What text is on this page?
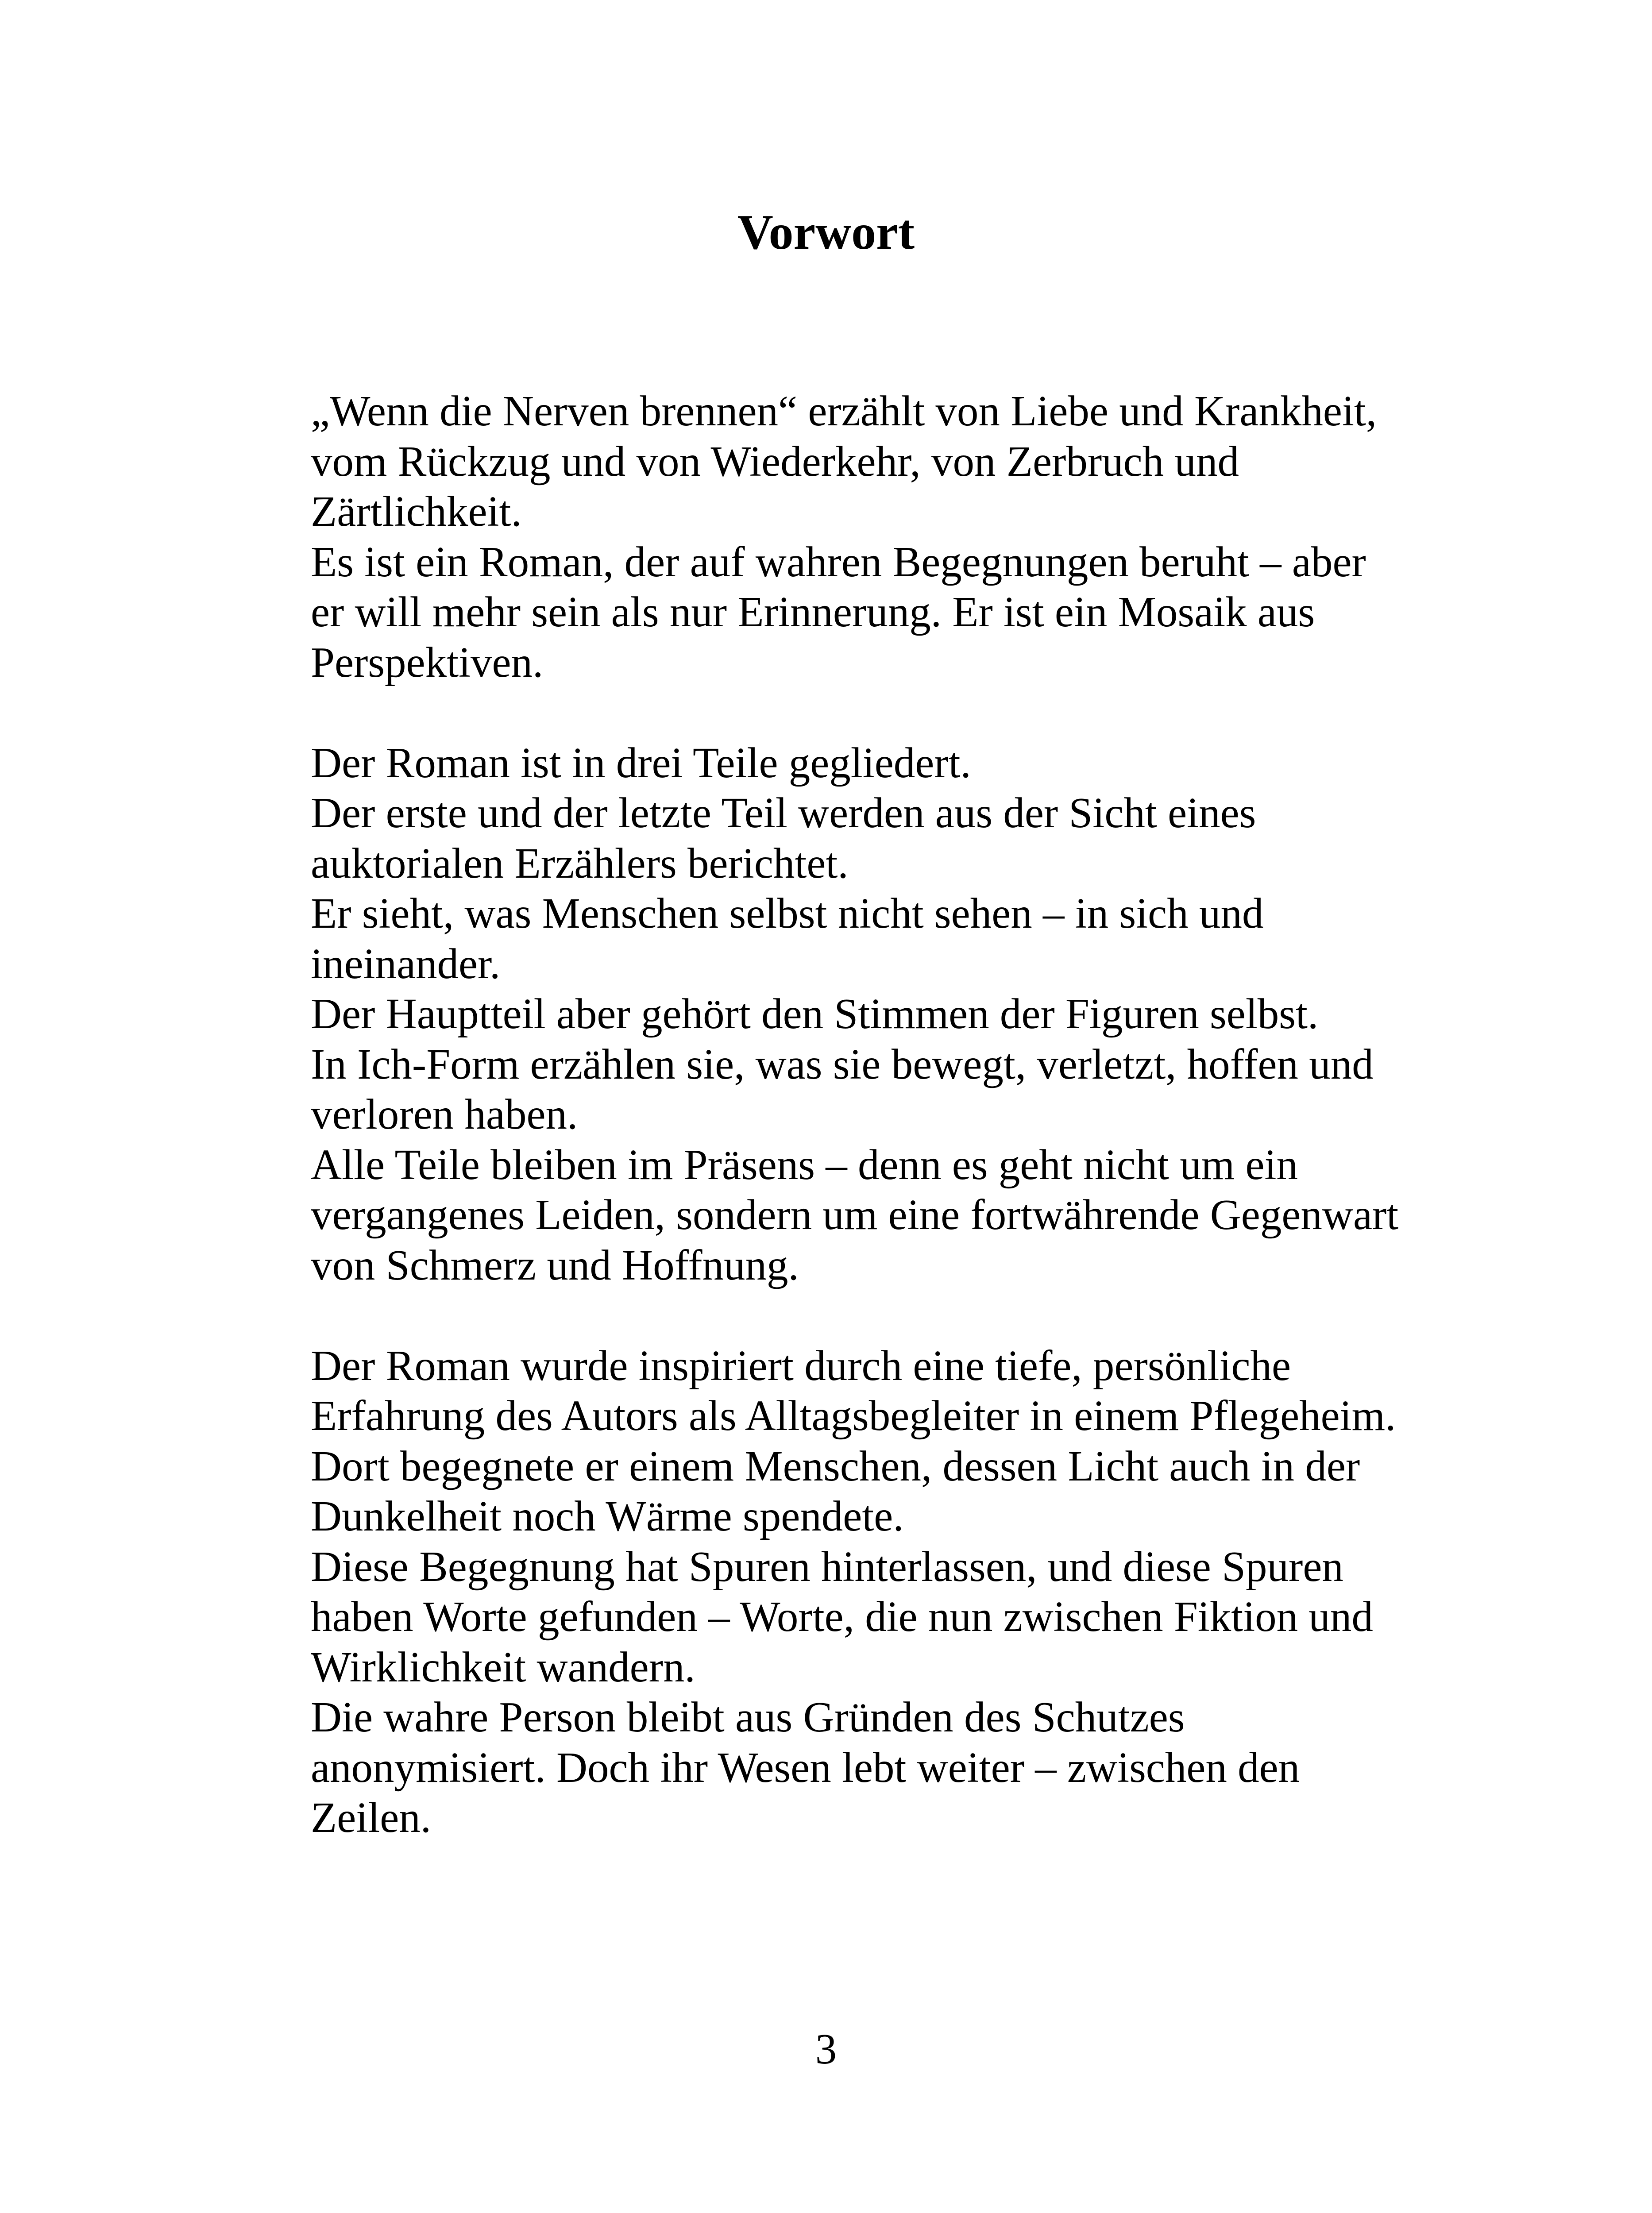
Vorwort
„Wenn die Nerven brennen“ erzählt von Liebe und Krankheit,
vom Rückzug und von Wiederkehr, von Zerbruch und
Zärtlichkeit.
Es ist ein Roman, der auf wahren Begegnungen beruht – aber
er will mehr sein als nur Erinnerung. Er ist ein Mosaik aus
Perspektiven.
Der Roman ist in drei Teile gegliedert.
Der erste und der letzte Teil werden aus der Sicht eines
auktorialen Erzählers berichtet.
Er sieht, was Menschen selbst nicht sehen – in sich und
ineinander.
Der Hauptteil aber gehört den Stimmen der Figuren selbst.
In Ich-Form erzählen sie, was sie bewegt, verletzt, hoffen und
verloren haben.
Alle Teile bleiben im Präsens – denn es geht nicht um ein
vergangenes Leiden, sondern um eine fortwährende Gegenwart
von Schmerz und Hoffnung.
Der Roman wurde inspiriert durch eine tiefe, persönliche
Erfahrung des Autors als Alltagsbegleiter in einem Pflegeheim.
Dort begegnete er einem Menschen, dessen Licht auch in der
Dunkelheit noch Wärme spendete.
Diese Begegnung hat Spuren hinterlassen, und diese Spuren
haben Worte gefunden – Worte, die nun zwischen Fiktion und
Wirklichkeit wandern.
Die wahre Person bleibt aus Gründen des Schutzes
anonymisiert. Doch ihr Wesen lebt weiter – zwischen den
Zeilen.
3
